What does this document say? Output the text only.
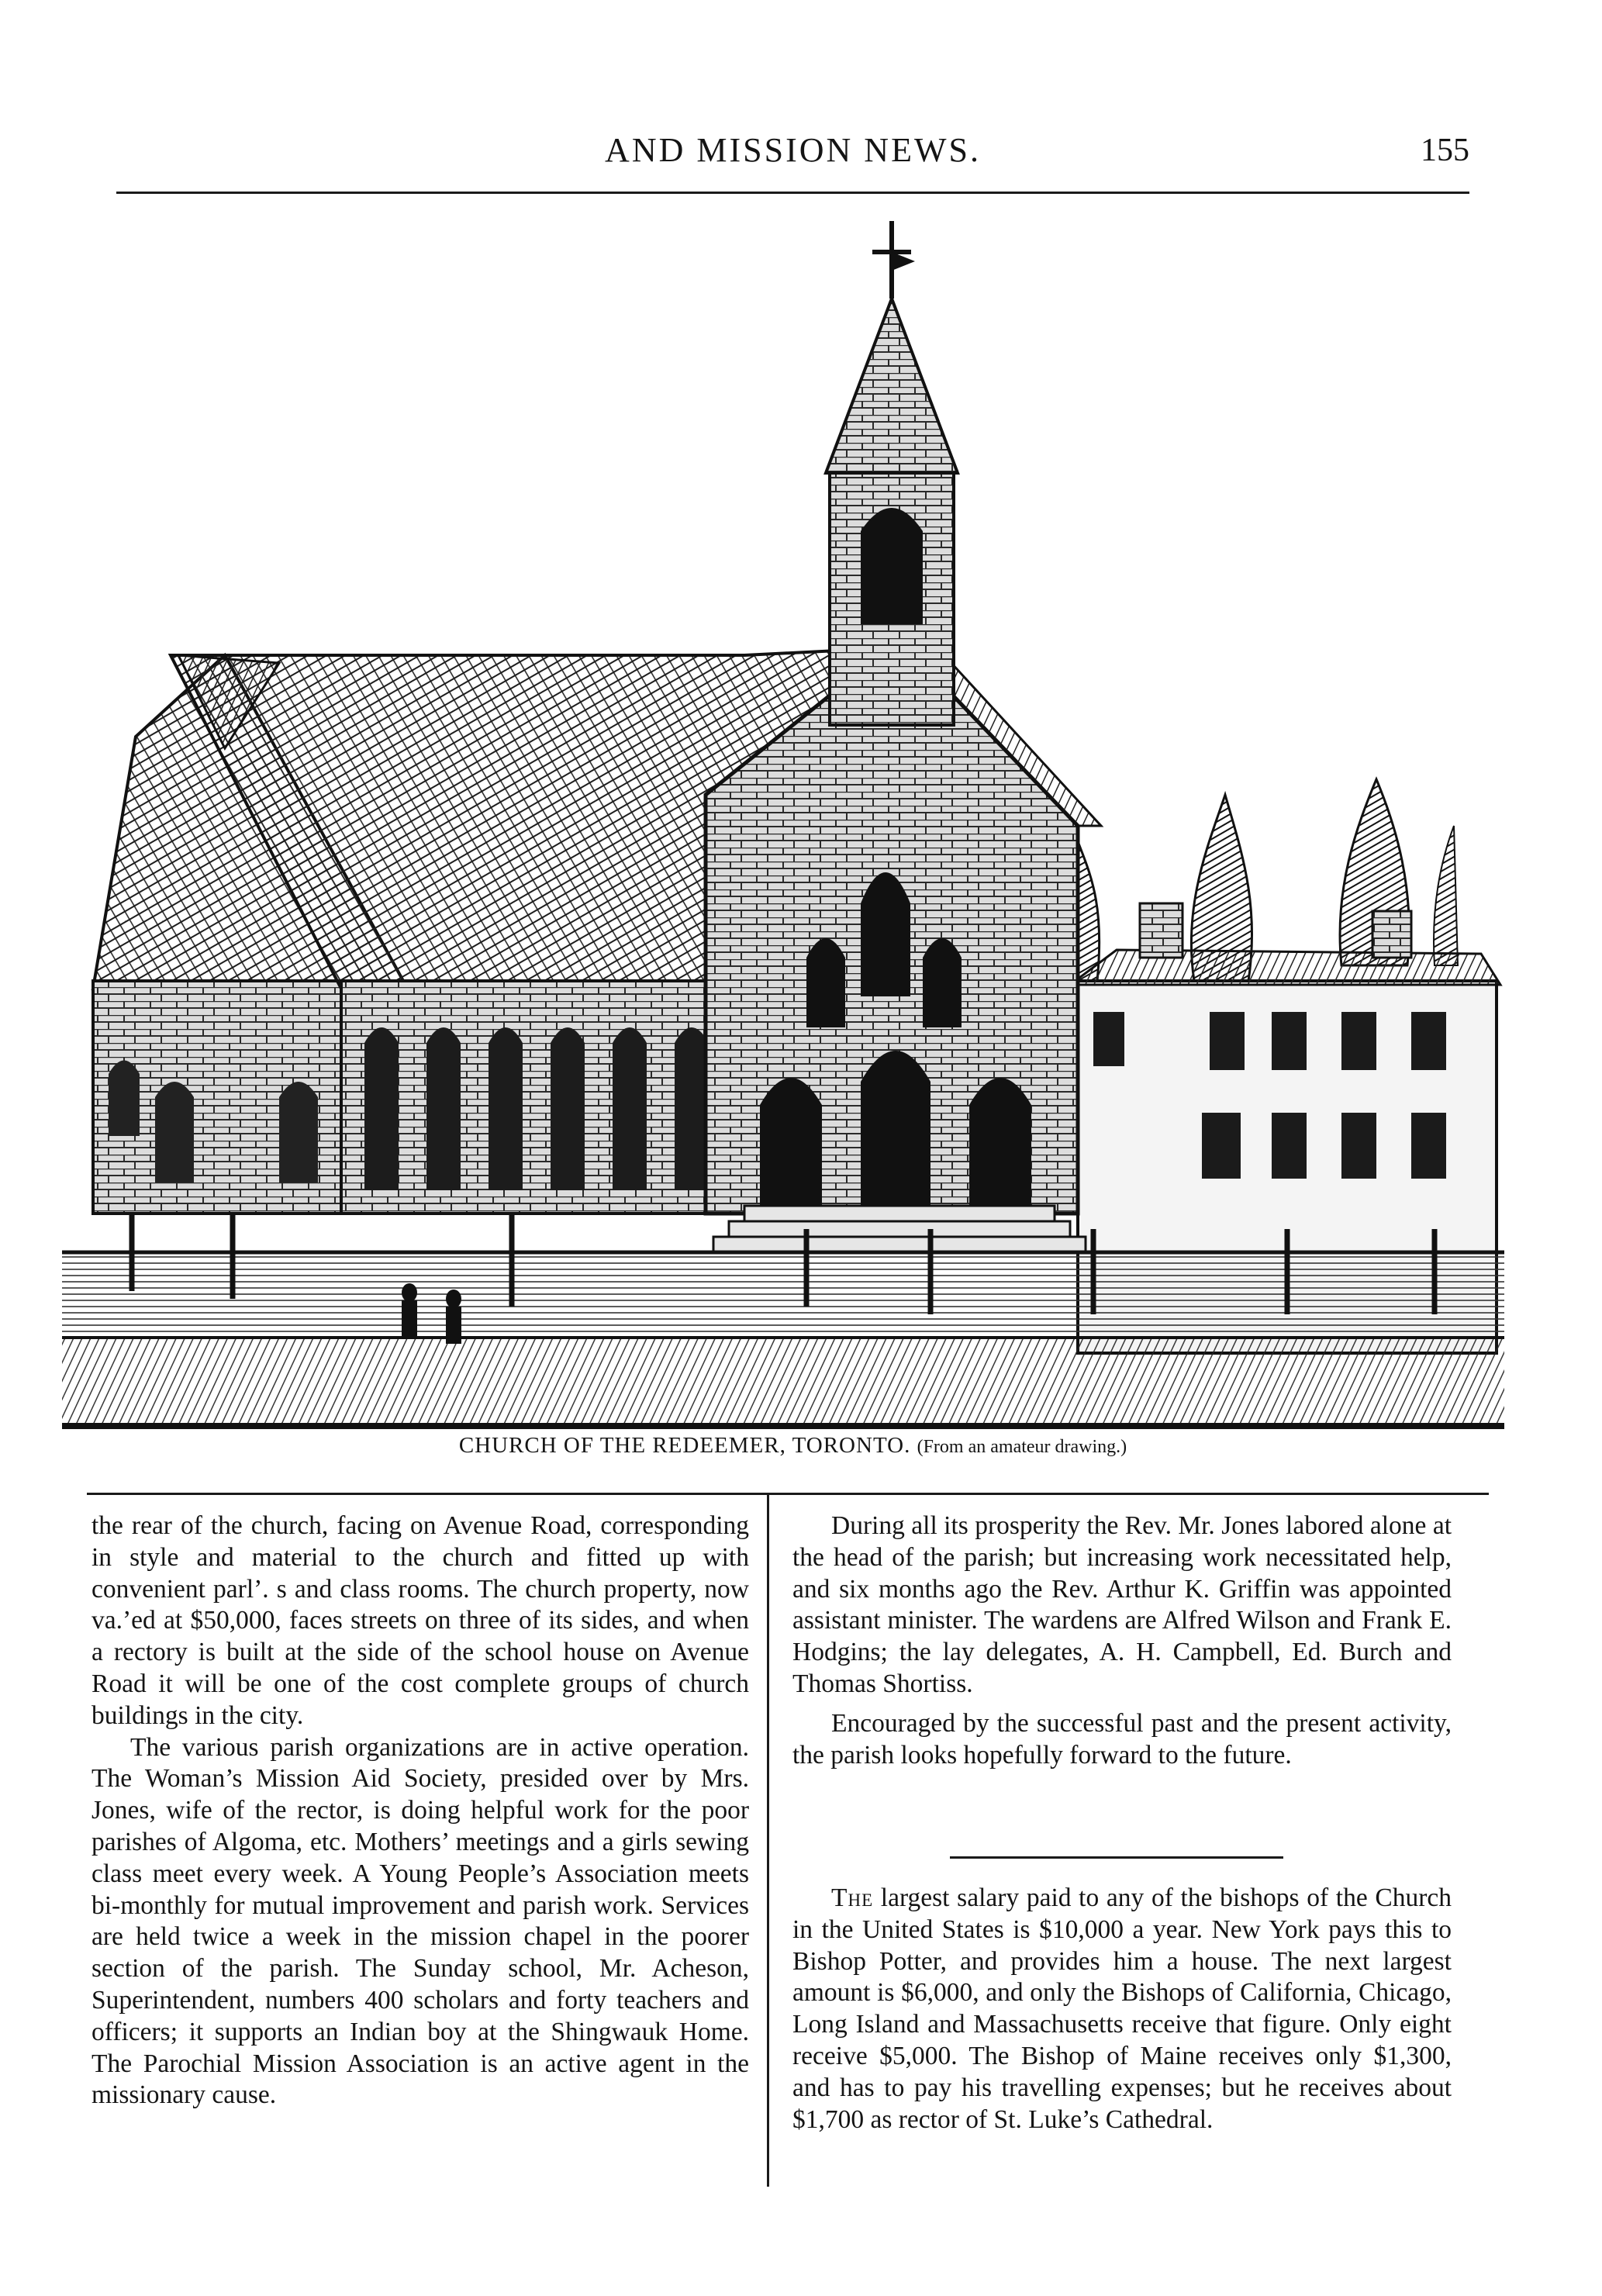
AND MISSION NEWS.	155
CHURCH OF THE REDEEMER, TORONTO. (From an amateur drawing.)

the rear of the church, facing on Avenue Road, corresponding in style and material to the church and fitted up with convenient parl’. s and class rooms. The church property, now va.’ed at $50,000, faces streets on three of its sides, and when a rectory is built at the side of the school house on Avenue Road it will be one of the cost complete groups of church buildings in the city.

The various parish organizations are in active operation. The Woman’s Mission Aid Society, presided over by Mrs. Jones, wife of the rector, is doing helpful work for the poor parishes of Algoma, etc. Mothers’ meetings and a girls sewing class meet every week. A Young People’s Association meets bi-monthly for mutual improvement and parish work. Services are held twice a week in the mission chapel in the poorer section of the parish. The Sunday school, Mr. Acheson, Superintendent, numbers 400 scholars and forty teachers and officers; it supports an Indian boy at the Shingwauk Home. The Parochial Mission Association is an active agent in the missionary cause.

During all its prosperity the Rev. Mr. Jones labored alone at the head of the parish; but increasing work necessitated help, and six months ago the Rev. Arthur K. Griffin was appointed assistant minister. The wardens are Alfred Wilson and Frank E. Hodgins; the lay delegates, A. H. Campbell, Ed. Burch and Thomas Shortiss.

Encouraged by the successful past and the present activity, the parish looks hopefully forward to the future.

The largest salary paid to any of the bishops of the Church in the United States is $10,000 a year. New York pays this to Bishop Potter, and provides him a house. The next largest amount is $6,000, and only the Bishops of California, Chicago, Long Island and Massachusetts receive that figure. Only eight receive $5,000. The Bishop of Maine receives only $1,300, and has to pay his travelling expenses; but he receives about $1,700 as rector of St. Luke’s Cathedral.
